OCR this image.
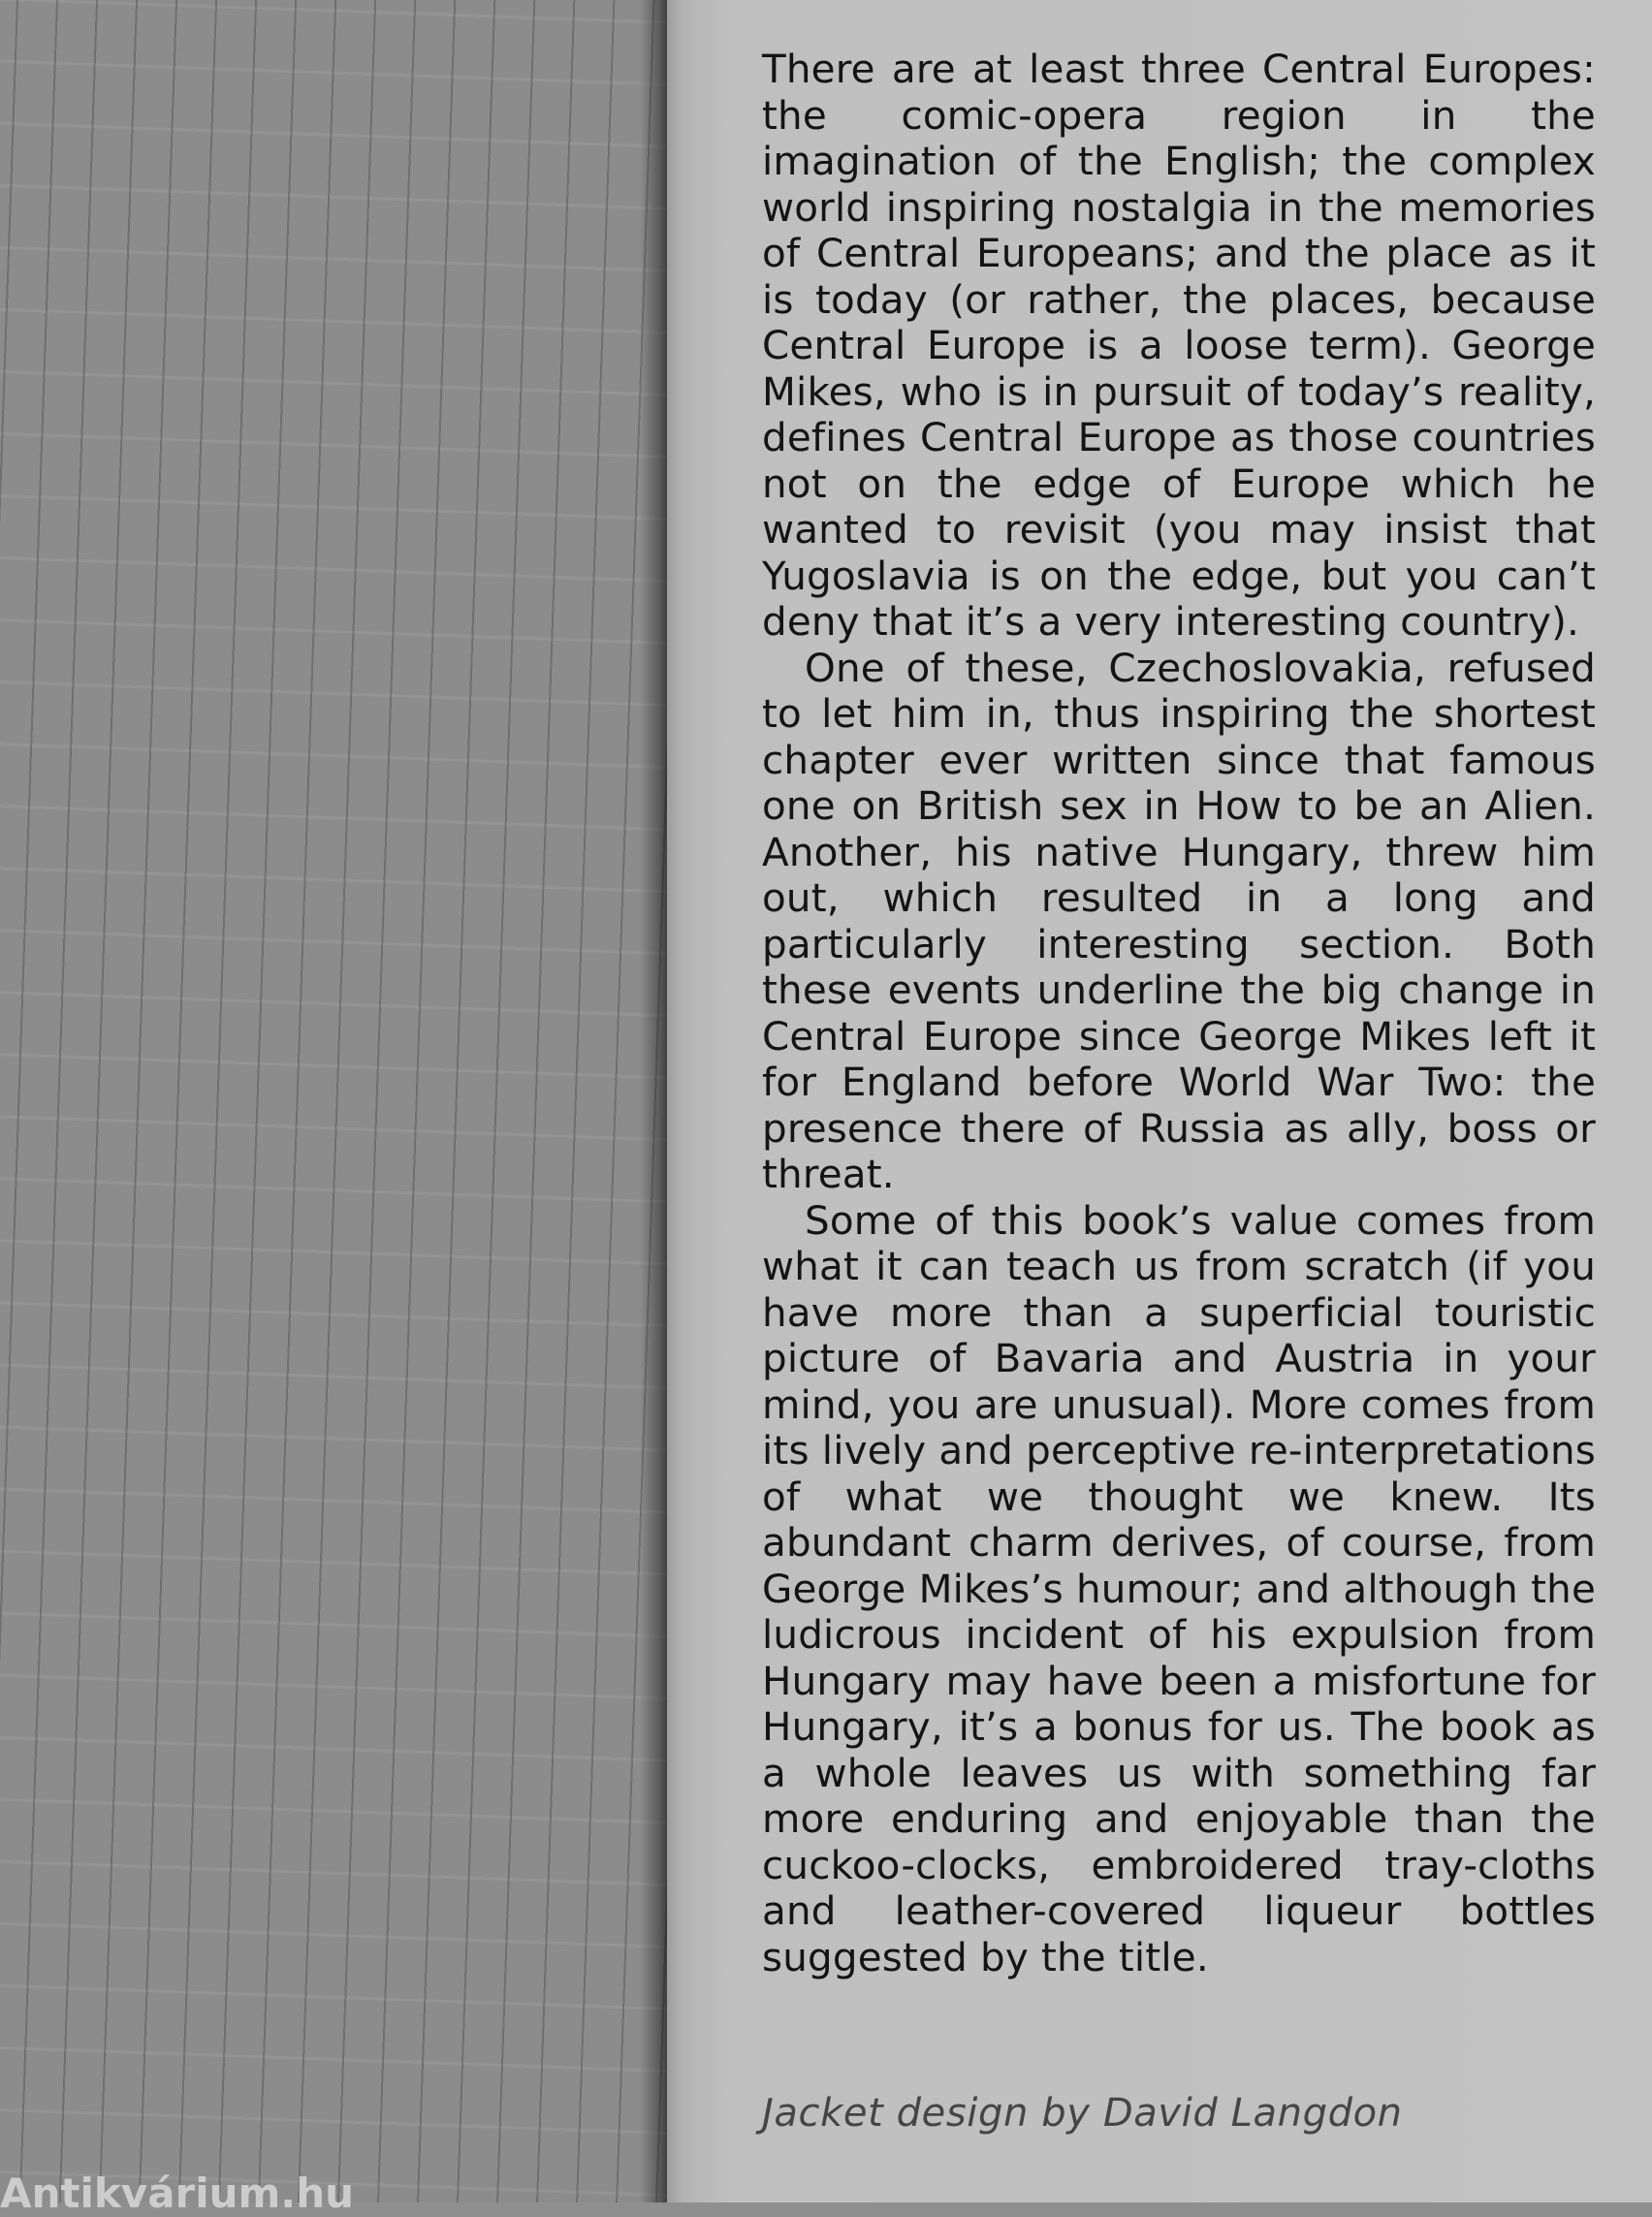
There are at least three Central Europes: the comic-opera region in the imagination of the English; the complex world inspiring nostalgia in the memories of Central Europeans; and the place as it is today (or rather, the places, because Central Europe is a loose term). George Mikes, who is in pursuit of today’s reality, defines Central Europe as those countries not on the edge of Europe which he wanted to revisit (you may insist that Yugoslavia is on the edge, but you can’t deny that it’s a very interesting country).

One of these, Czechoslovakia, refused to let him in, thus inspiring the shortest chapter ever written since that famous one on British sex in How to be an Alien. Another, his native Hungary, threw him out, which resulted in a long and particularly interesting section. Both these events underline the big change in Central Europe since George Mikes left it for England before World War Two: the presence there of Russia as ally, boss or threat.

Some of this book’s value comes from what it can teach us from scratch (if you have more than a superficial touristic picture of Bavaria and Austria in your mind, you are unusual). More comes from its lively and perceptive re-interpretations of what we thought we knew. Its abundant charm derives, of course, from George Mikes’s humour; and although the ludicrous incident of his expulsion from Hungary may have been a misfortune for Hungary, it’s a bonus for us. The book as a whole leaves us with something far more enduring and enjoyable than the cuckoo-clocks, embroidered tray-cloths and leather-covered liqueur bottles suggested by the title.

Jacket design by David Langdon
Antikvárium.hu
